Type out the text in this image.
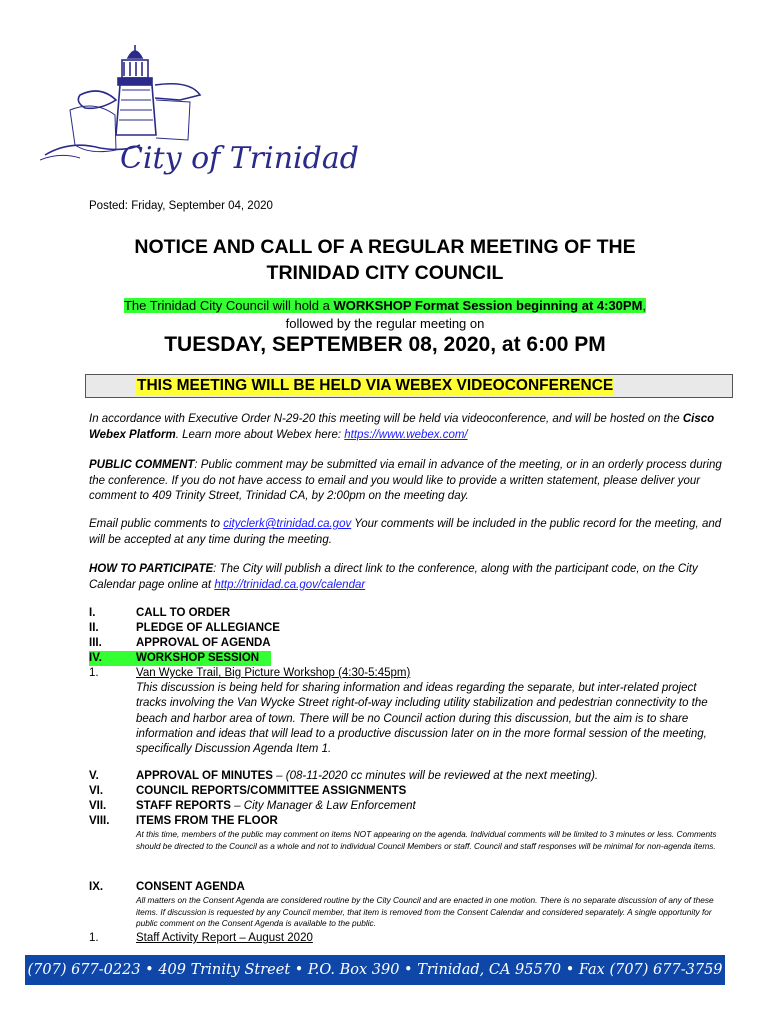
City of Trinidad
Posted: Friday, September 04, 2020
NOTICE AND CALL OF A REGULAR MEETING OF THE
TRINIDAD CITY COUNCIL
The Trinidad City Council will hold a WORKSHOP Format Session beginning at 4:30PM,
followed by the regular meeting on
TUESDAY, SEPTEMBER 08, 2020, at 6:00 PM
THIS MEETING WILL BE HELD VIA WEBEX VIDEOCONFERENCE
In accordance with Executive Order N-29-20 this meeting will be held via videoconference, and will be hosted on the Cisco Webex Platform. Learn more about Webex here: https://www.webex.com/
PUBLIC COMMENT: Public comment may be submitted via email in advance of the meeting, or in an orderly process during the conference. If you do not have access to email and you would like to provide a written statement, please deliver your comment to 409 Trinity Street, Trinidad CA, by 2:00pm on the meeting day.
Email public comments to cityclerk@trinidad.ca.gov Your comments will be included in the public record for the meeting, and will be accepted at any time during the meeting.
HOW TO PARTICIPATE: The City will publish a direct link to the conference, along with the participant code, on the City Calendar page online at http://trinidad.ca.gov/calendar
I.	CALL TO ORDER
II.	PLEDGE OF ALLEGIANCE
III.	APPROVAL OF AGENDA
IV.	WORKSHOP SESSION
1.	Van Wycke Trail, Big Picture Workshop (4:30-5:45pm)
This discussion is being held for sharing information and ideas regarding the separate, but inter-related project tracks involving the Van Wycke Street right-of-way including utility stabilization and pedestrian connectivity to the beach and harbor area of town. There will be no Council action during this discussion, but the aim is to share information and ideas that will lead to a productive discussion later on in the more formal session of the meeting, specifically Discussion Agenda Item 1.
V.	APPROVAL OF MINUTES – (08-11-2020 cc minutes will be reviewed at the next meeting).
VI.	COUNCIL REPORTS/COMMITTEE ASSIGNMENTS
VII.	STAFF REPORTS – City Manager & Law Enforcement
VIII.	ITEMS FROM THE FLOOR
At this time, members of the public may comment on items NOT appearing on the agenda. Individual comments will be limited to 3 minutes or less. Comments should be directed to the Council as a whole and not to individual Council Members or staff. Council and staff responses will be minimal for non-agenda items.
IX.	CONSENT AGENDA
All matters on the Consent Agenda are considered routine by the City Council and are enacted in one motion. There is no separate discussion of any of these items. If discussion is requested by any Council member, that item is removed from the Consent Calendar and considered separately. A single opportunity for public comment on the Consent Agenda is available to the public.
1.	Staff Activity Report – August 2020
(707) 677-0223 • 409 Trinity Street • P.O. Box 390 • Trinidad, CA 95570 • Fax (707) 677-3759
